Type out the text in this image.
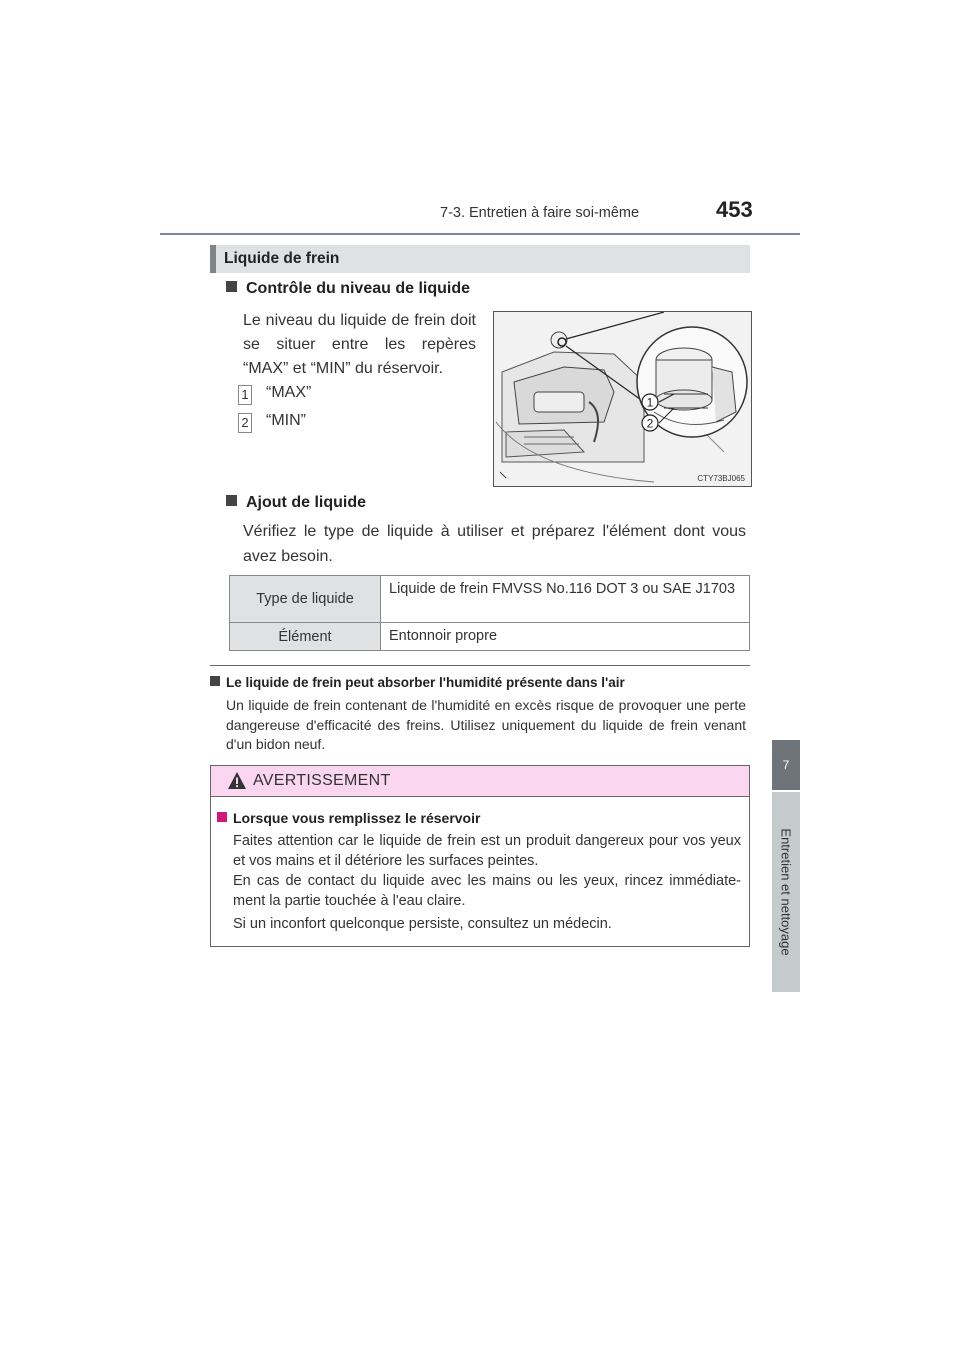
7-3. Entretien à faire soi-même	453
7
Entretien et nettoyage
Liquide de frein
Contrôle du niveau de liquide
Le niveau du liquide de frein doit se situer entre les repères “MAX” et “MIN” du réservoir.
1 “MAX”
2 “MIN”
1
2
CTY73BJ065
Ajout de liquide
Vérifiez le type de liquide à utiliser et préparez l'élément dont vous avez besoin.
Type de liquide	Liquide de frein FMVSS No.116 DOT 3 ou SAE J1703
Élément	Entonnoir propre
Le liquide de frein peut absorber l'humidité présente dans l'air
Un liquide de frein contenant de l'humidité en excès risque de provoquer une perte dangereuse d'efficacité des freins. Utilisez uniquement du liquide de frein venant d'un bidon neuf.
AVERTISSEMENT
Lorsque vous remplissez le réservoir
Faites attention car le liquide de frein est un produit dangereux pour vos yeux et vos mains et il détériore les surfaces peintes.
En cas de contact du liquide avec les mains ou les yeux, rincez immédiate-ment la partie touchée à l'eau claire.
Si un inconfort quelconque persiste, consultez un médecin.
